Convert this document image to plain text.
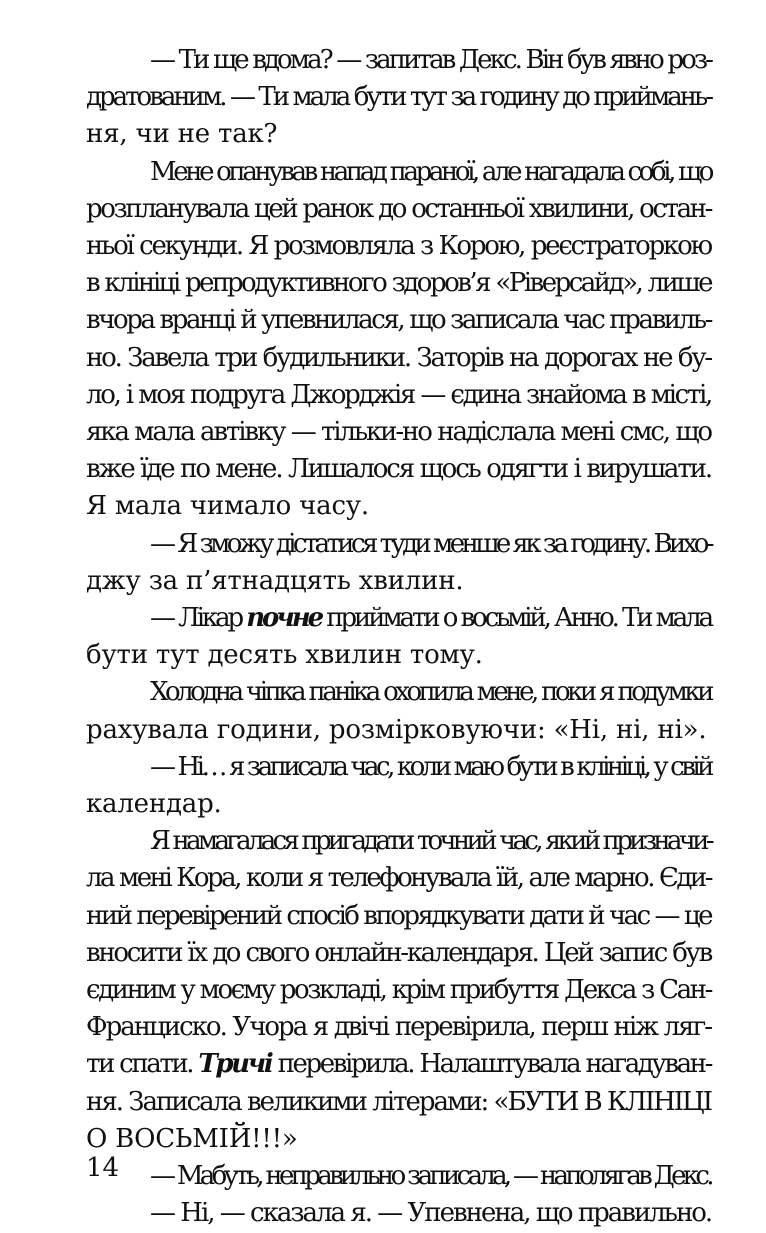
— Ти ще вдома? — запитав Декс. Він був явно роз-
дратованим. — Ти мала бути тут за годину до приймань-
ня, чи не так?

Мене опанував напад параної, але нагадала собі, що
розпланувала цей ранок до останньої хвилини, остан-
ньої секунди. Я розмовляла з Корою, реєстраторкою
в клініці репродуктивного здоров’я «Ріверсайд», лише
вчора вранці й упевнилася, що записала час правиль-
но. Завела три будильники. Заторів на дорогах не бу-
ло, і моя подруга Джорджія — єдина знайома в місті,
яка мала автівку — тільки-но надіслала мені смс, що
вже їде по мене. Лишалося щось одягти і вирушати.
Я мала чимало часу.

— Я зможу дістатися туди менше як за годину. Вихо-
джу за п’ятнадцять хвилин.

— Лікар почне приймати о восьмій, Анно. Ти мала
бути тут десять хвилин тому.

Холодна чіпка паніка охопила мене, поки я подумки
рахувала години, розмірковуючи: «Ні, ні, ні».

— Ні… я записала час, коли маю бути в клініці, у свій
календар.

Я намагалася пригадати точний час, який призначи-
ла мені Кора, коли я телефонувала їй, але марно. Єди-
ний перевірений спосіб впорядкувати дати й час — це
вносити їх до свого онлайн-календаря. Цей запис був
єдиним у моєму розкладі, крім прибуття Декса з Сан-
Франциско. Учора я двічі перевірила, перш ніж ляг-
ти спати. Тричі перевірила. Налаштувала нагадуван-
ня. Записала великими літерами: «БУТИ В КЛІНІЦІ
О ВОСЬМІЙ!!!»

— Мабуть, неправильно записала, — наполягав Декс.

— Ні, — сказала я. — Упевнена, що правильно.

14
